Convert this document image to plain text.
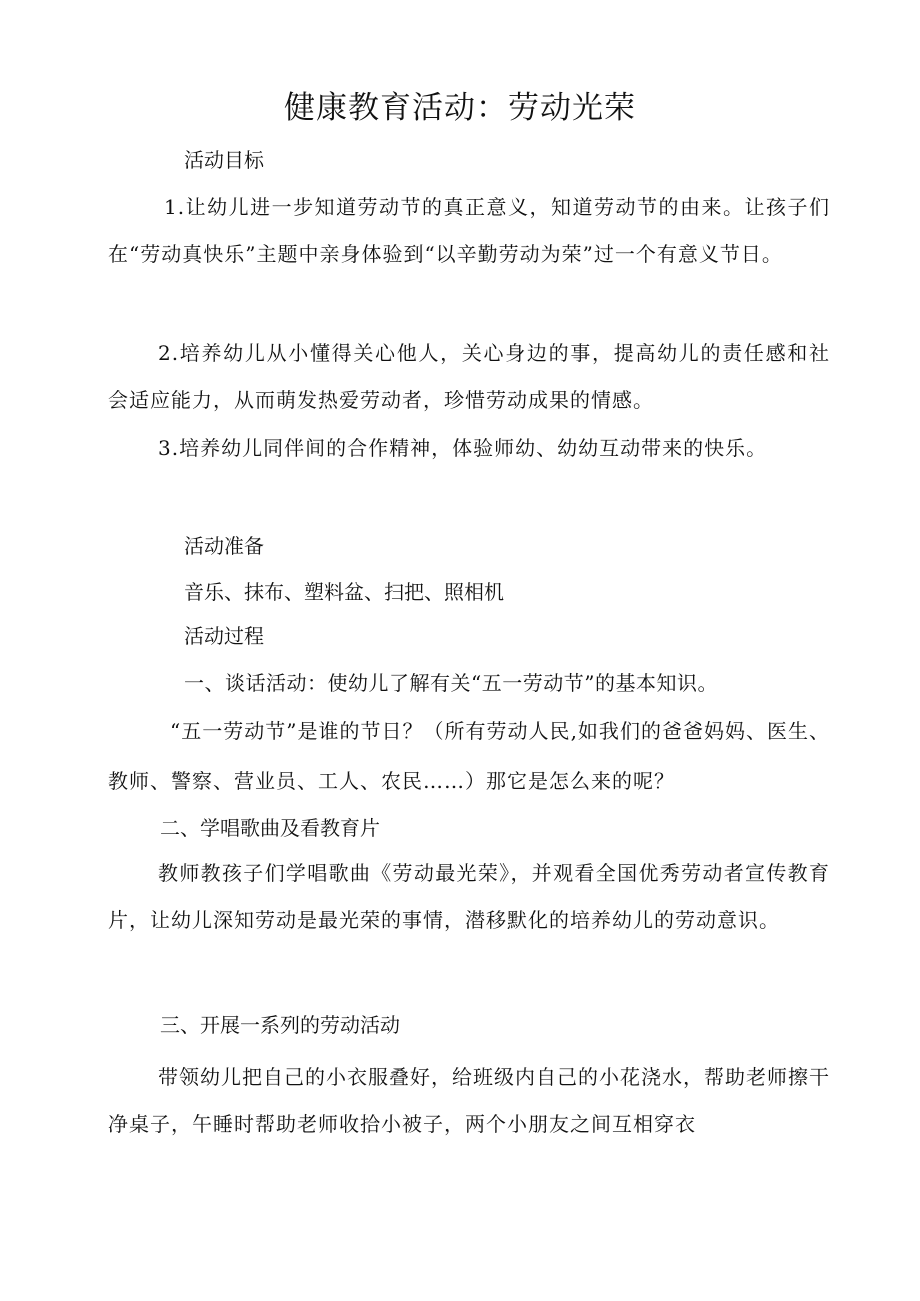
健康教育活动：劳动光荣

活动目标

1.让幼儿进一步知道劳动节的真正意义，知道劳动节的由来。让孩子们在“劳动真快乐”主题中亲身体验到“以辛勤劳动为荣”过一个有意义节日。

2.培养幼儿从小懂得关心他人，关心身边的事，提高幼儿的责任感和社会适应能力，从而萌发热爱劳动者，珍惜劳动成果的情感。

3.培养幼儿同伴间的合作精神，体验师幼、幼幼互动带来的快乐。

活动准备

音乐、抹布、塑料盆、扫把、照相机

活动过程

一、谈话活动：使幼儿了解有关“五一劳动节”的基本知识。

“五一劳动节”是谁的节日？（所有劳动人民,如我们的爸爸妈妈、医生、教师、警察、营业员、工人、农民……）那它是怎么来的呢？

二、学唱歌曲及看教育片

教师教孩子们学唱歌曲《劳动最光荣》，并观看全国优秀劳动者宣传教育片，让幼儿深知劳动是最光荣的事情，潜移默化的培养幼儿的劳动意识。

三、开展一系列的劳动活动

带领幼儿把自己的小衣服叠好，给班级内自己的小花浇水，帮助老师擦干净桌子，午睡时帮助老师收拾小被子，两个小朋友之间互相穿衣
